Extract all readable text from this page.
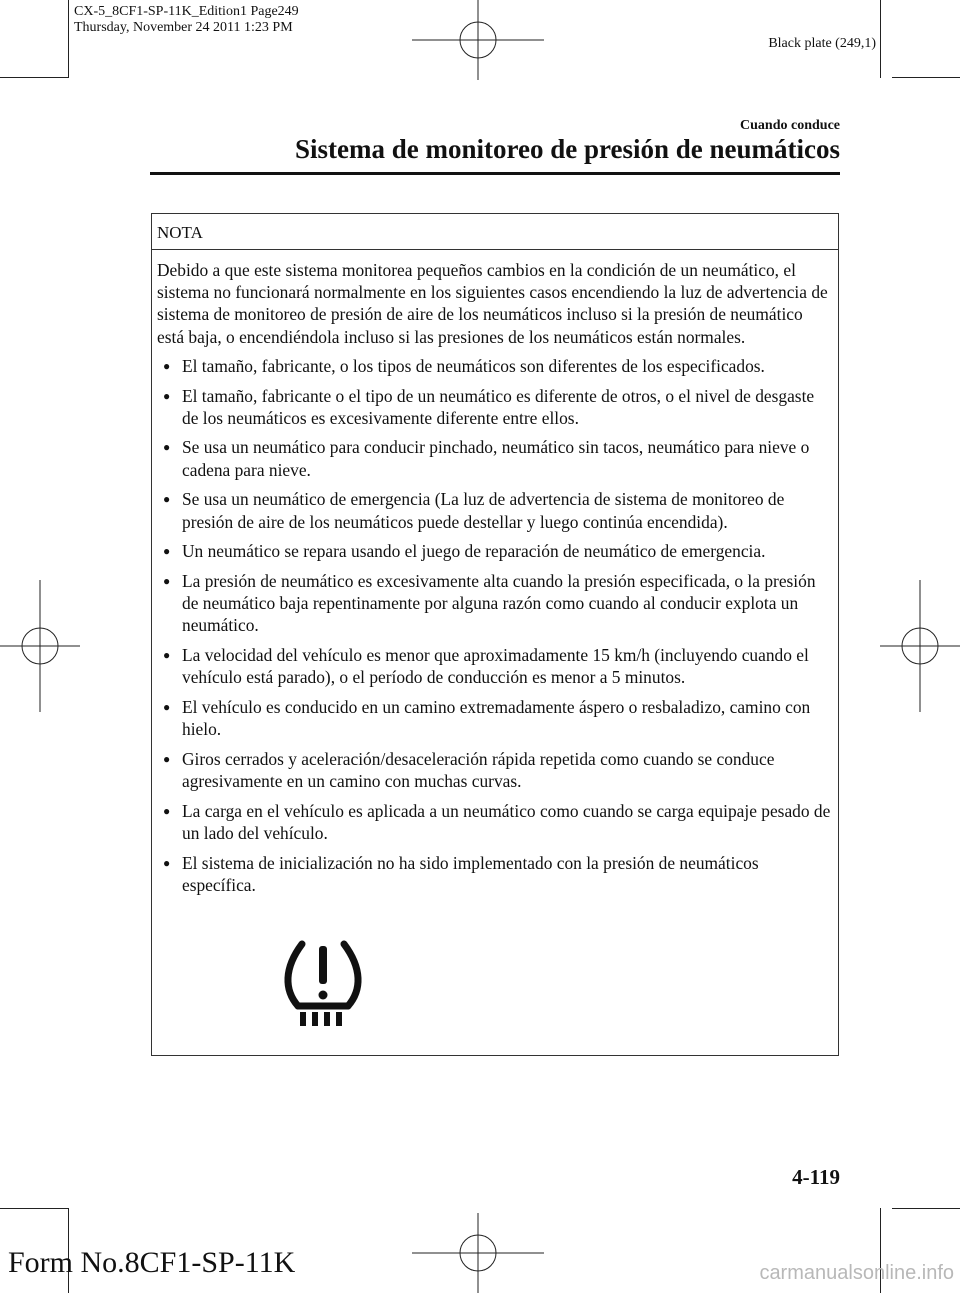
CX-5_8CF1-SP-11K_Edition1 Page249
Thursday, November 24 2011 1:23 PM
Black plate (249,1)
Cuando conduce
Sistema de monitoreo de presión de neumáticos
NOTA

Debido a que este sistema monitorea pequeños cambios en la condición de un neumático, el sistema no funcionará normalmente en los siguientes casos encendiendo la luz de advertencia de sistema de monitoreo de presión de aire de los neumáticos incluso si la presión de neumático está baja, o encendiéndola incluso si las presiones de los neumáticos están normales.

● El tamaño, fabricante, o los tipos de neumáticos son diferentes de los especificados.
● El tamaño, fabricante o el tipo de un neumático es diferente de otros, o el nivel de desgaste de los neumáticos es excesivamente diferente entre ellos.
● Se usa un neumático para conducir pinchado, neumático sin tacos, neumático para nieve o cadena para nieve.
● Se usa un neumático de emergencia (La luz de advertencia de sistema de monitoreo de presión de aire de los neumáticos puede destellar y luego continúa encendida).
● Un neumático se repara usando el juego de reparación de neumático de emergencia.
● La presión de neumático es excesivamente alta cuando la presión especificada, o la presión de neumático baja repentinamente por alguna razón como cuando al conducir explota un neumático.
● La velocidad del vehículo es menor que aproximadamente 15 km/h (incluyendo cuando el vehículo está parado), o el período de conducción es menor a 5 minutos.
● El vehículo es conducido en un camino extremadamente áspero o resbaladizo, camino con hielo.
● Giros cerrados y aceleración/desaceleración rápida repetida como cuando se conduce agresivamente en un camino con muchas curvas.
● La carga en el vehículo es aplicada a un neumático como cuando se carga equipaje pesado de un lado del vehículo.
● El sistema de inicialización no ha sido implementado con la presión de neumáticos específica.
4-119
Form No.8CF1-SP-11K	carmanualsonline.info
